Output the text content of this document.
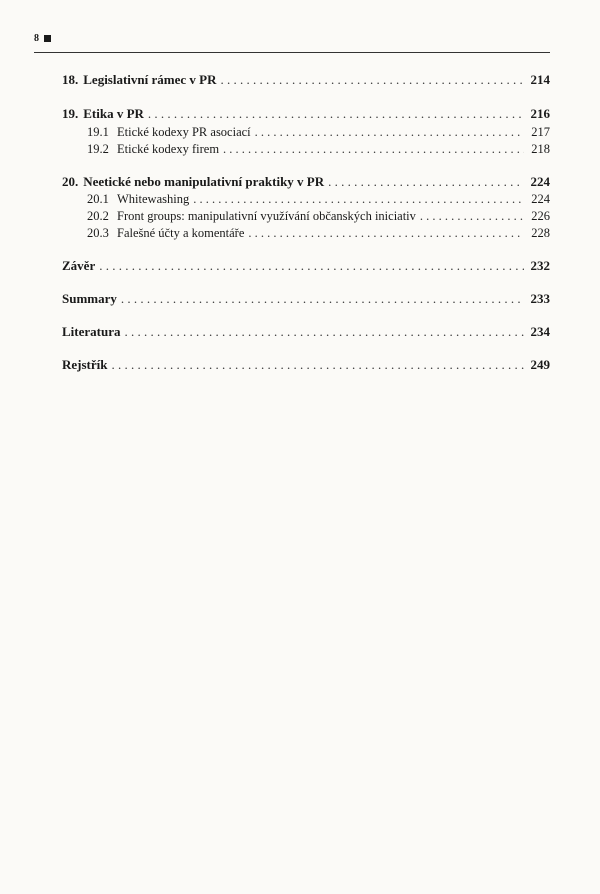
8
18. Legislativní rámec v PR . . .	214
19. Etika v PR . . .	216
19.1 Etické kodexy PR asociací . . .	217
19.2 Etické kodexy firem . . .	218
20. Neetické nebo manipulativní praktiky v PR . . .	224
20.1 Whitewashing . . .	224
20.2 Front groups: manipulativní využívání občanských iniciativ . . .	226
20.3 Falešné účty a komentáře . . .	228
Závěr . . .	232
Summary . . .	233
Literatura . . .	234
Rejstřík . . .	249
